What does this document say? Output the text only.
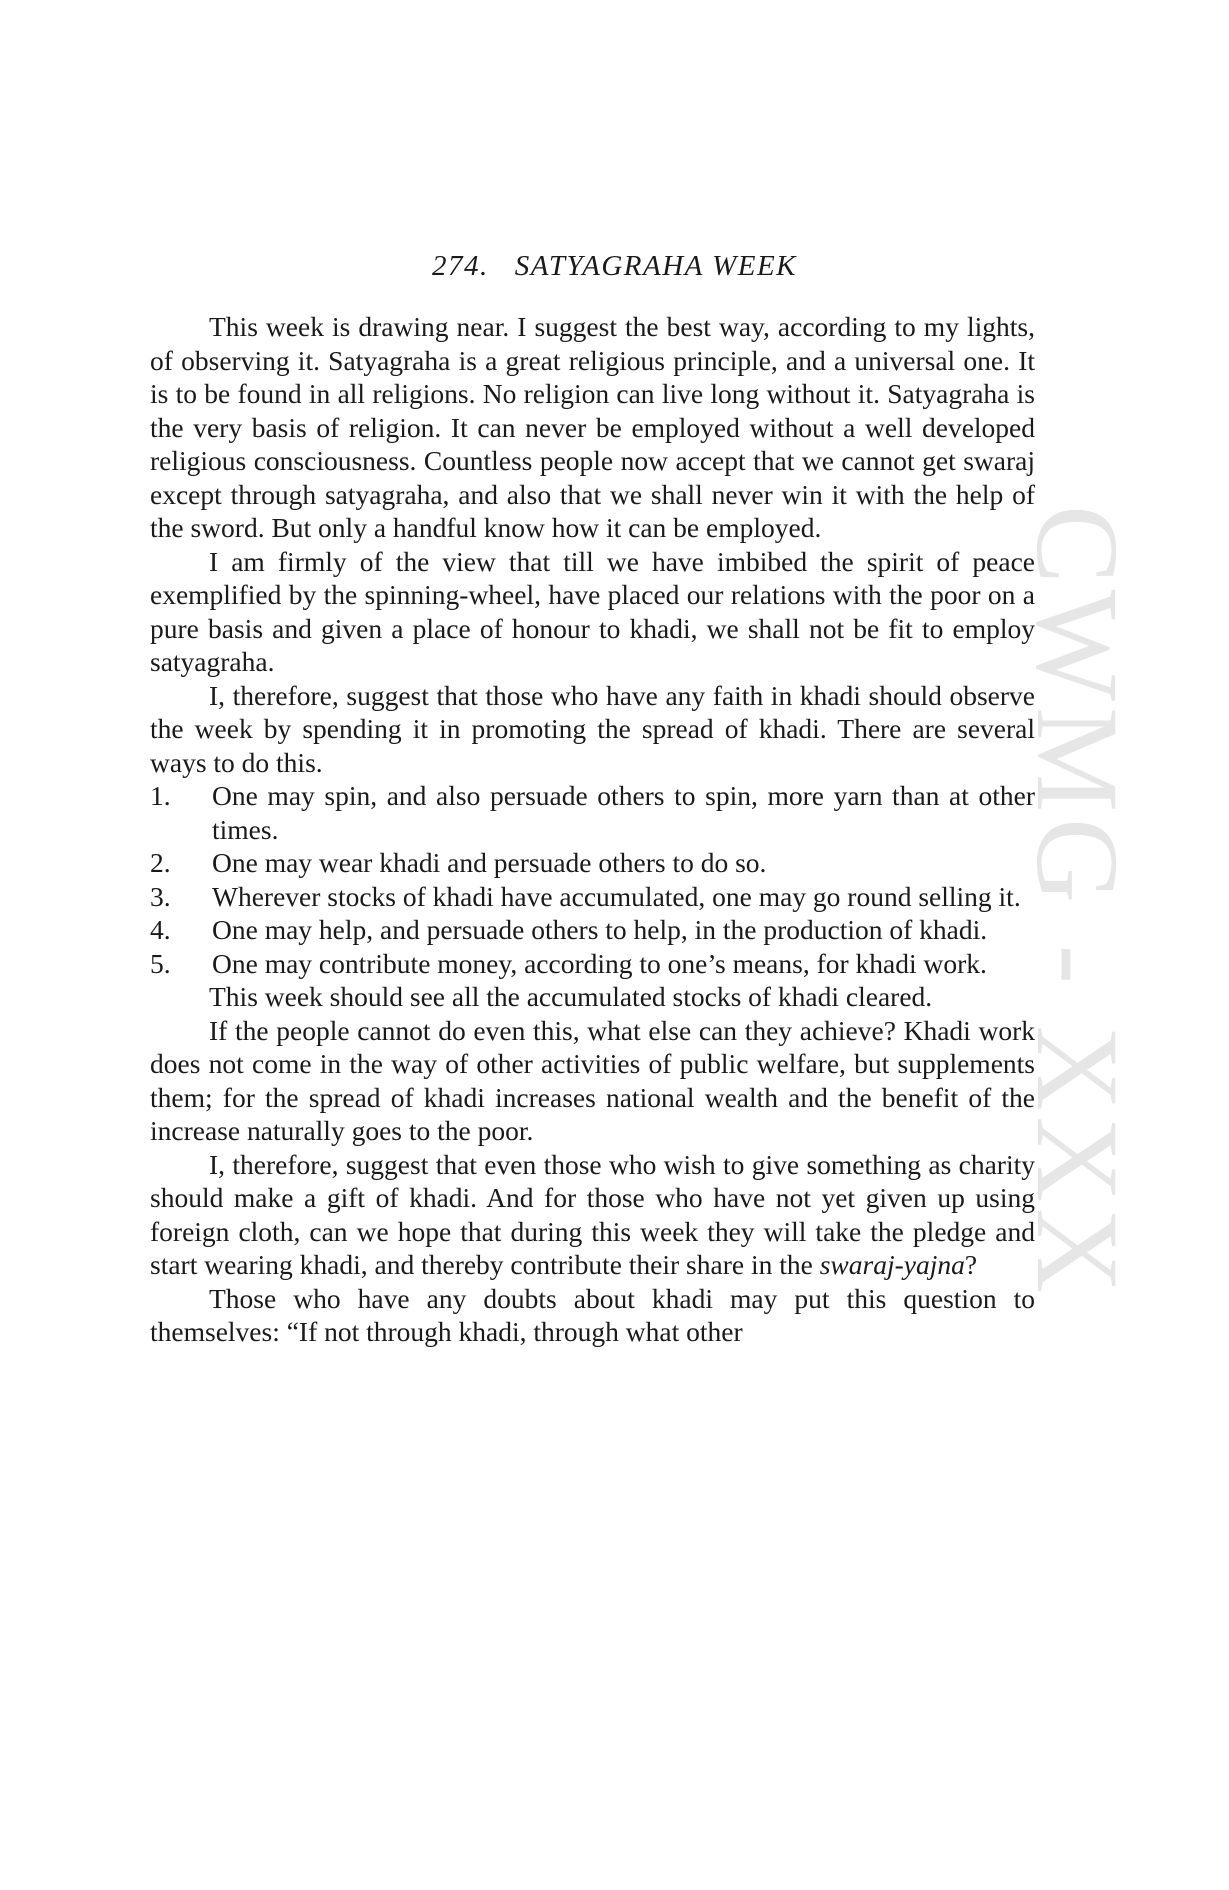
CWMG - XXX
274. SATYAGRAHA WEEK

This week is drawing near. I suggest the best way, according to my lights, of observing it. Satyagraha is a great religious principle, and a universal one. It is to be found in all religions. No religion can live long without it. Satyagraha is the very basis of religion. It can never be employed without a well developed religious consciousness. Countless people now accept that we cannot get swaraj except through satyagraha, and also that we shall never win it with the help of the sword. But only a handful know how it can be employed.

I am firmly of the view that till we have imbibed the spirit of peace exemplified by the spinning-wheel, have placed our relations with the poor on a pure basis and given a place of honour to khadi, we shall not be fit to employ satyagraha.

I, therefore, suggest that those who have any faith in khadi should observe the week by spending it in promoting the spread of khadi. There are several ways to do this.

1. One may spin, and also persuade others to spin, more yarn than at other times.
2. One may wear khadi and persuade others to do so.
3. Wherever stocks of khadi have accumulated, one may go round selling it.
4. One may help, and persuade others to help, in the production of khadi.
5. One may contribute money, according to one’s means, for khadi work.

This week should see all the accumulated stocks of khadi cleared.

If the people cannot do even this, what else can they achieve? Khadi work does not come in the way of other activities of public welfare, but supplements them; for the spread of khadi increases national wealth and the benefit of the increase naturally goes to the poor.

I, therefore, suggest that even those who wish to give something as charity should make a gift of khadi. And for those who have not yet given up using foreign cloth, can we hope that during this week they will take the pledge and start wearing khadi, and thereby contribute their share in the swaraj-yajna?

Those who have any doubts about khadi may put this question to themselves: “If not through khadi, through what other
